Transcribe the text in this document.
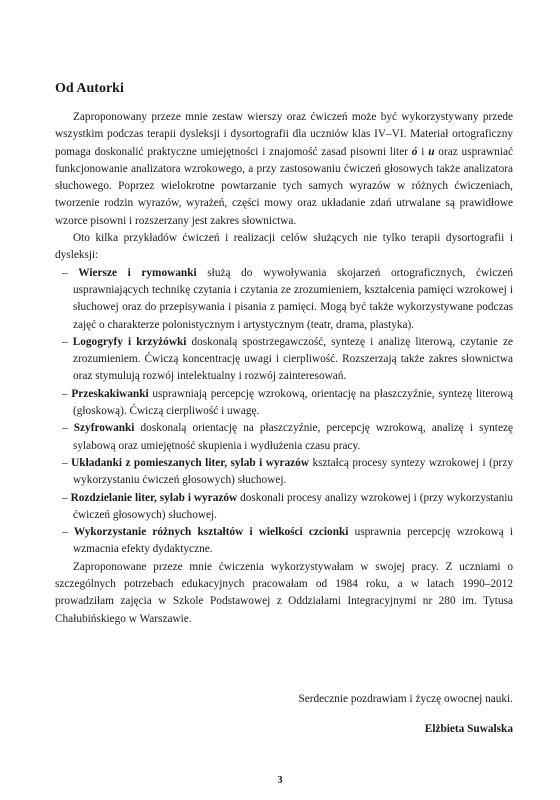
Od Autorki

Zaproponowany przeze mnie zestaw wierszy oraz ćwiczeń może być wykorzystywany przede wszystkim podczas terapii dysleksji i dysortografii dla uczniów klas IV–VI. Materiał ortograficzny pomaga doskonalić praktyczne umiejętności i znajomość zasad pisowni liter ó i u oraz usprawniać funkcjonowanie analizatora wzrokowego, a przy zastosowaniu ćwiczeń głosowych także analizatora słuchowego. Poprzez wielokrotne powtarzanie tych samych wyrazów w różnych ćwiczeniach, tworzenie rodzin wyrazów, wyrażeń, części mowy oraz układanie zdań utrwalane są prawidłowe wzorce pisowni i rozszerzany jest zakres słownictwa.

Oto kilka przykładów ćwiczeń i realizacji celów służących nie tylko terapii dysortografii i dysleksji:

– Wiersze i rymowanki służą do wywoływania skojarzeń ortograficznych, ćwiczeń usprawniających technikę czytania i czytania ze zrozumieniem, kształcenia pamięci wzrokowej i słuchowej oraz do przepisywania i pisania z pamięci. Mogą być także wykorzystywane podczas zajęć o charakterze polonistycznym i artystycznym (teatr, drama, plastyka).
– Logogryfy i krzyżówki doskonalą spostrzegawczość, syntezę i analizę literową, czytanie ze zrozumieniem. Ćwiczą koncentrację uwagi i cierpliwość. Rozszerzają także zakres słownictwa oraz stymulują rozwój intelektualny i rozwój zainteresowań.
– Przeskakiwanki usprawniają percepcję wzrokową, orientację na płaszczyźnie, syntezę literową (głoskową). Ćwiczą cierpliwość i uwagę.
– Szyfrowanki doskonalą orientację na płaszczyźnie, percepcję wzrokową, analizę i syntezę sylabową oraz umiejętność skupienia i wydłużenia czasu pracy.
– Układanki z pomieszanych liter, sylab i wyrazów kształcą procesy syntezy wzrokowej i (przy wykorzystaniu ćwiczeń głosowych) słuchowej.
– Rozdzielanie liter, sylab i wyrazów doskonali procesy analizy wzrokowej i (przy wykorzystaniu ćwiczeń głosowych) słuchowej.
– Wykorzystanie różnych kształtów i wielkości czcionki usprawnia percepcję wzrokową i wzmacnia efekty dydaktyczne.

Zaproponowane przeze mnie ćwiczenia wykorzystywałam w swojej pracy. Z uczniami o szczególnych potrzebach edukacyjnych pracowałam od 1984 roku, a w latach 1990–2012 prowadziłam zajęcia w Szkole Podstawowej z Oddziałami Integracyjnymi nr 280 im. Tytusa Chałubińskiego w Warszawie.

Serdecznie pozdrawiam i życzę owocnej nauki.
Elżbieta Suwalska
3
